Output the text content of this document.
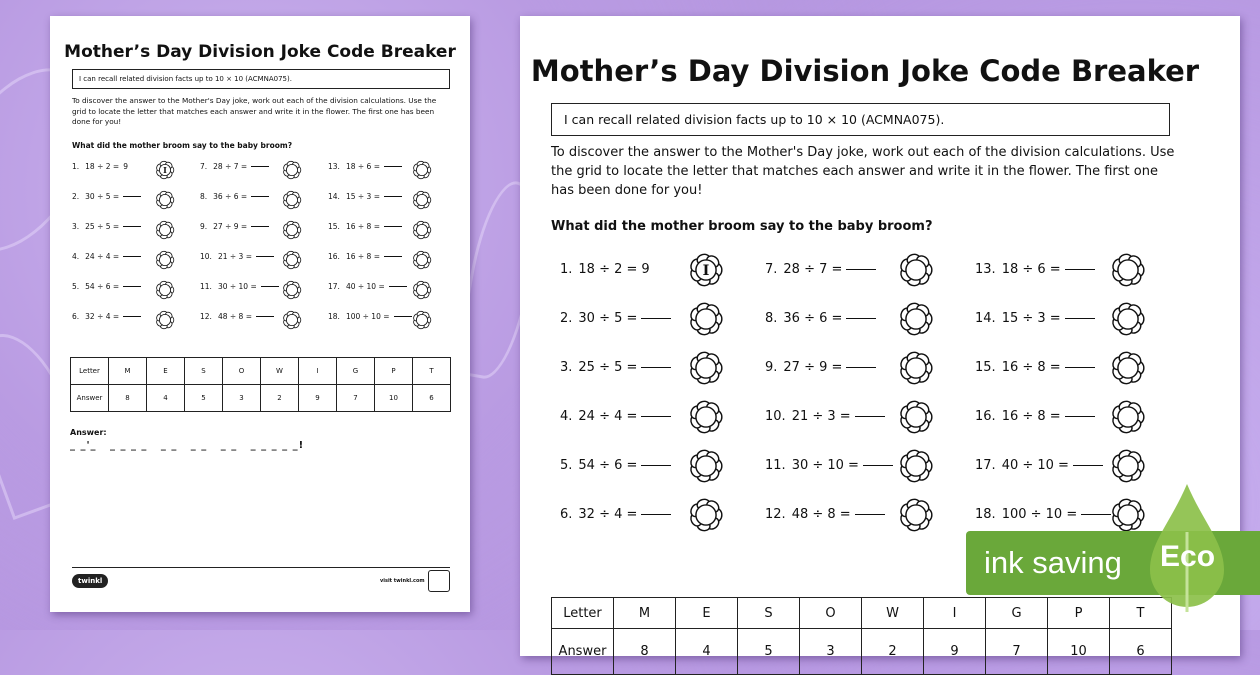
Mother’s Day Division Joke Code Breaker
I can recall related division facts up to 10 × 10 (ACMNA075).
To discover the answer to the Mother's Day joke, work out each of the division calculations. Use the grid to locate the letter that matches each answer and write it in the flower. The first one has been done for you!
What did the mother broom say to the baby broom?
1. 18 ÷ 2 = 9	I
2. 30 ÷ 5 =
3. 25 ÷ 5 =
4. 24 ÷ 4 =
5. 54 ÷ 6 =
6. 32 ÷ 4 =
7. 28 ÷ 7 =
8. 36 ÷ 6 =
9. 27 ÷ 9 =
10. 21 ÷ 3 =
11. 30 ÷ 10 =
12. 48 ÷ 8 =
13. 18 ÷ 6 =
14. 15 ÷ 3 =
15. 16 ÷ 8 =
16. 16 ÷ 8 =
17. 40 ÷ 10 =
18. 100 ÷ 10 =
Letter	M	E	S	O	W	I	G	P	T
Answer	8	4	5	3	2	9	7	10	6
Answer:
_ _'_   _ _ _ _   _ _   _ _   _ _   _ _ _ _ _!
twinkl	visit twinkl.com
Mother’s Day Division Joke Code Breaker
I can recall related division facts up to 10 × 10 (ACMNA075).
To discover the answer to the Mother's Day joke, work out each of the division calculations. Use the grid to locate the letter that matches each answer and write it in the flower. The first one has been done for you!
What did the mother broom say to the baby broom?
1. 18 ÷ 2 = 9	I
2. 30 ÷ 5 =
3. 25 ÷ 5 =
4. 24 ÷ 4 =
5. 54 ÷ 6 =
6. 32 ÷ 4 =
7. 28 ÷ 7 =
8. 36 ÷ 6 =
9. 27 ÷ 9 =
10. 21 ÷ 3 =
11. 30 ÷ 10 =
12. 48 ÷ 8 =
13. 18 ÷ 6 =
14. 15 ÷ 3 =
15. 16 ÷ 8 =
16. 16 ÷ 8 =
17. 40 ÷ 10 =
18. 100 ÷ 10 =
Letter	M	E	S	O	W	I	G	P	T
Answer	8	4	5	3	2	9	7	10	6
ink saving Eco
